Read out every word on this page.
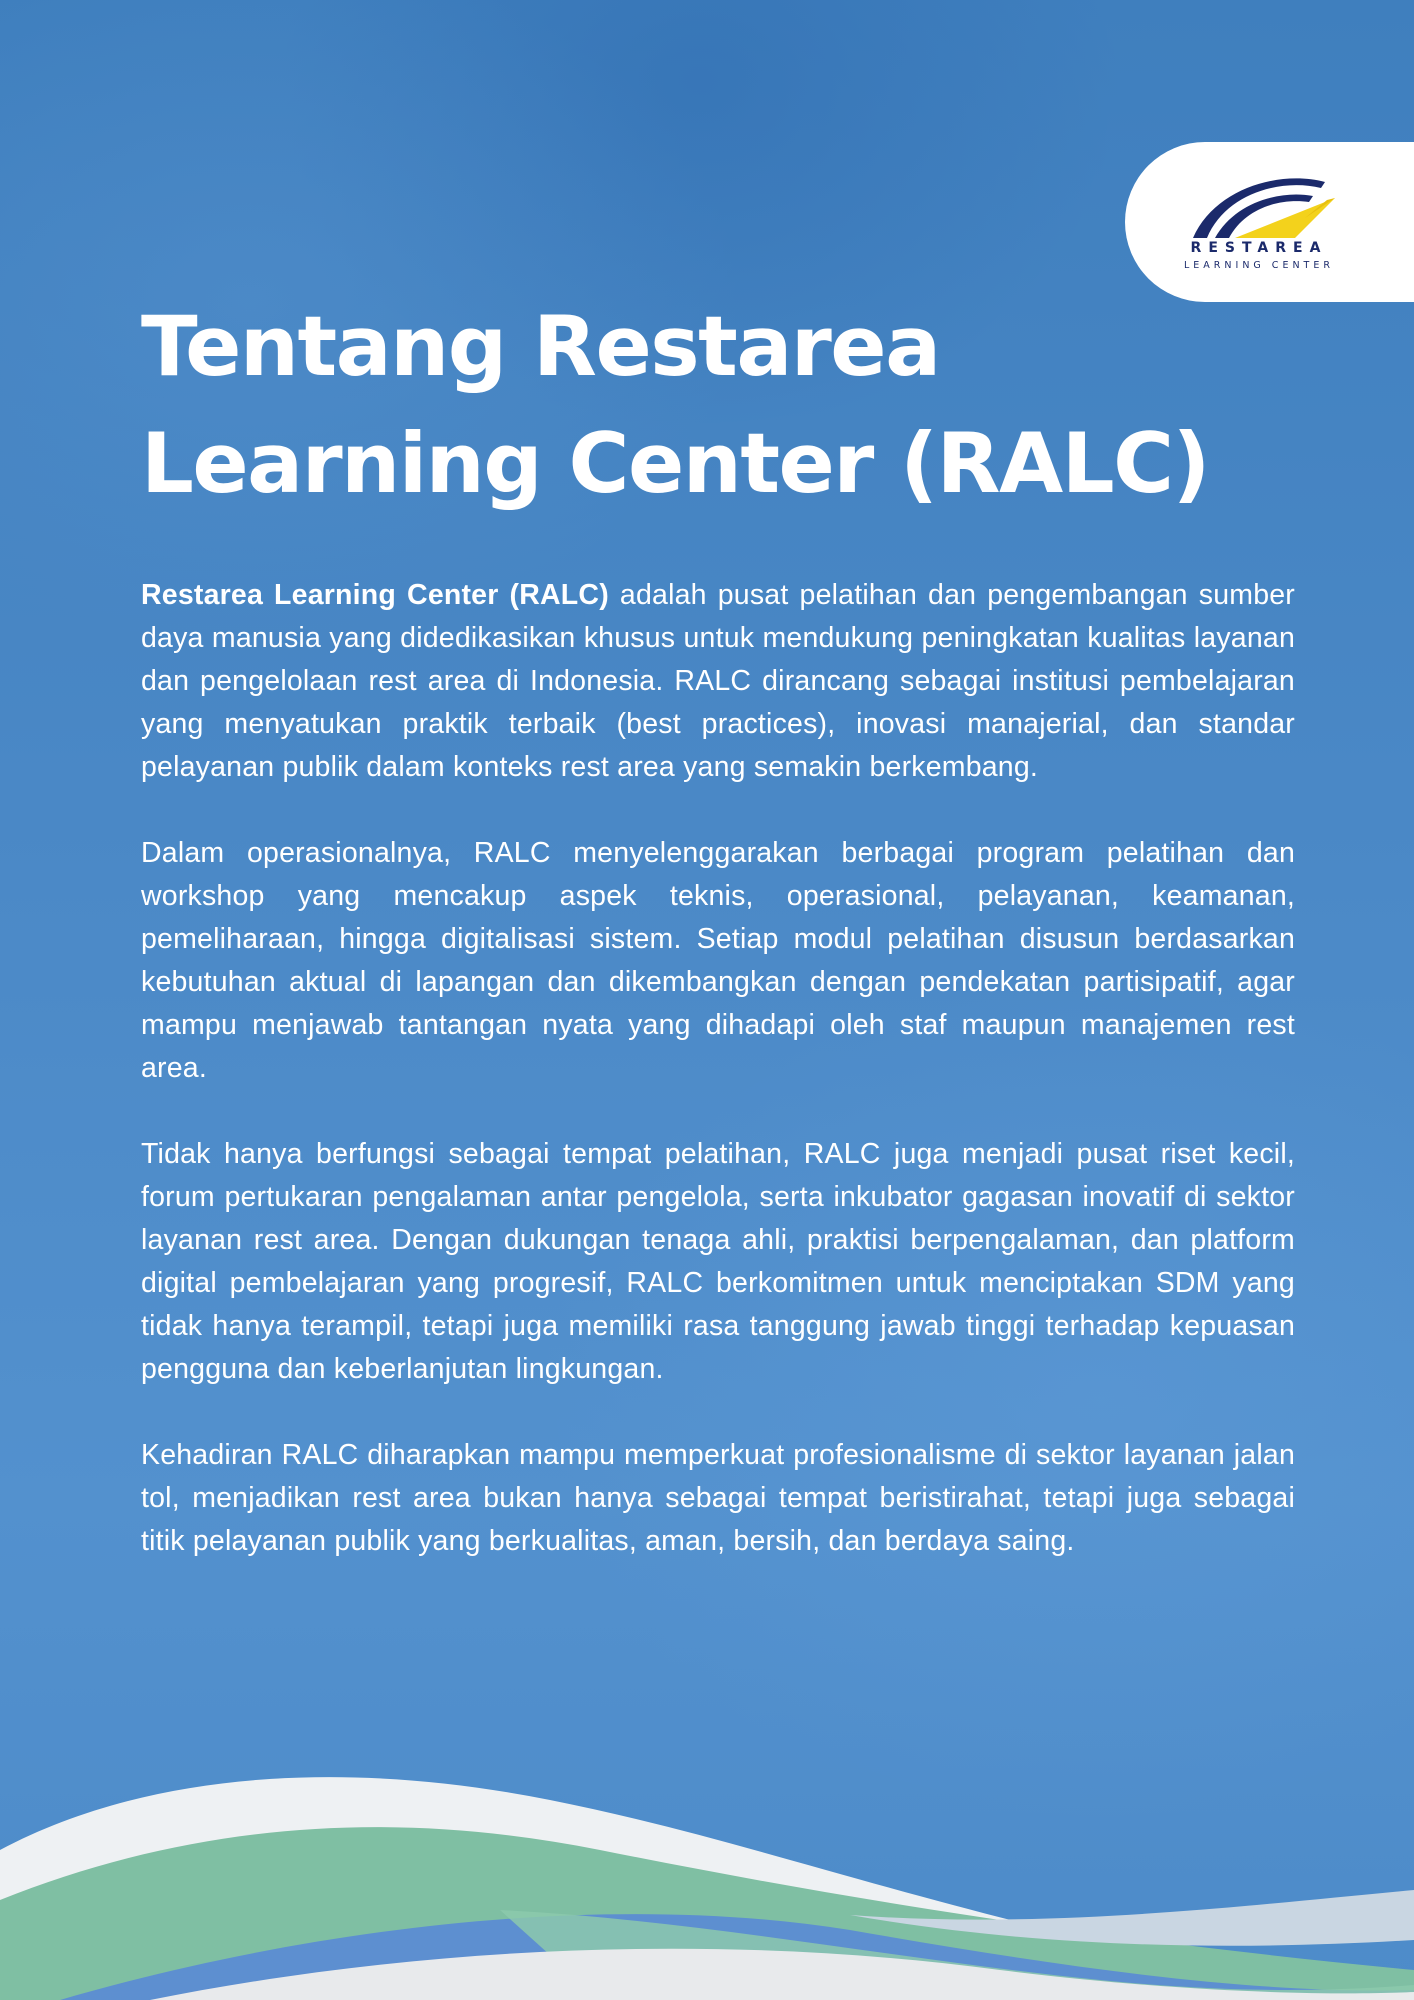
RESTAREA
LEARNING CENTER
Tentang Restarea
Learning Center (RALC)

Restarea Learning Center (RALC) adalah pusat pelatihan dan pengembangan sumber daya manusia yang didedikasikan khusus untuk mendukung peningkatan kualitas layanan dan pengelolaan rest area di Indonesia. RALC dirancang sebagai institusi pembelajaran yang menyatukan praktik terbaik (best practices), inovasi manajerial, dan standar pelayanan publik dalam konteks rest area yang semakin berkembang.

Dalam operasionalnya, RALC menyelenggarakan berbagai program pelatihan dan workshop yang mencakup aspek teknis, operasional, pelayanan, keamanan, pemeliharaan, hingga digitalisasi sistem. Setiap modul pelatihan disusun berdasarkan kebutuhan aktual di lapangan dan dikembangkan dengan pendekatan partisipatif, agar mampu menjawab tantangan nyata yang dihadapi oleh staf maupun manajemen rest area.

Tidak hanya berfungsi sebagai tempat pelatihan, RALC juga menjadi pusat riset kecil, forum pertukaran pengalaman antar pengelola, serta inkubator gagasan inovatif di sektor layanan rest area. Dengan dukungan tenaga ahli, praktisi berpengalaman, dan platform digital pembelajaran yang progresif, RALC berkomitmen untuk menciptakan SDM yang tidak hanya terampil, tetapi juga memiliki rasa tanggung jawab tinggi terhadap kepuasan pengguna dan keberlanjutan lingkungan.

Kehadiran RALC diharapkan mampu memperkuat profesionalisme di sektor layanan jalan tol, menjadikan rest area bukan hanya sebagai tempat beristirahat, tetapi juga sebagai titik pelayanan publik yang berkualitas, aman, bersih, dan berdaya saing.
